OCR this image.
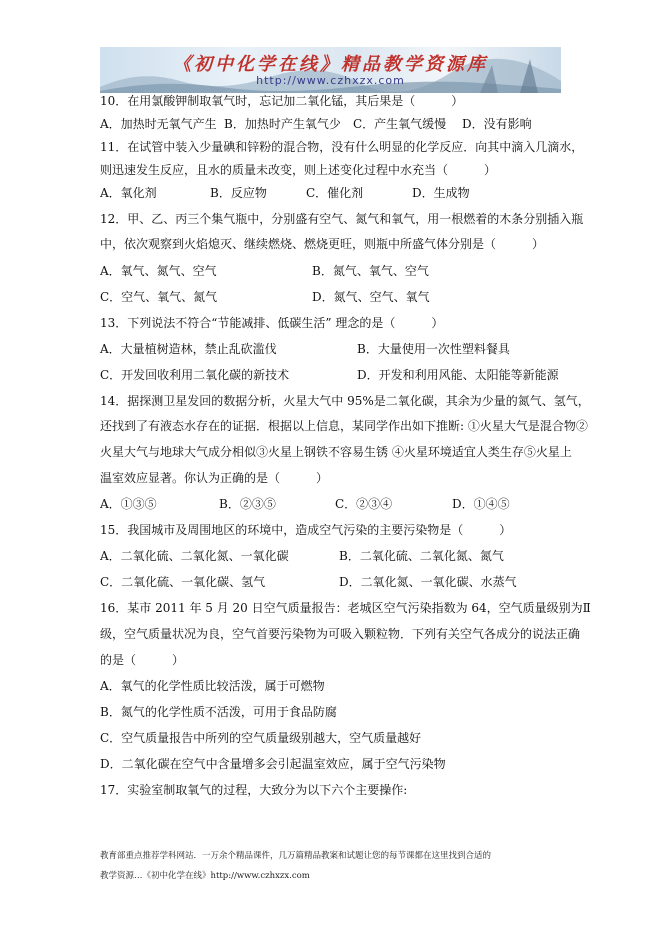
《初中化学在线》精品教学资源库
http://www.czhxzx.com
10．在用氯酸钾制取氧气时，忘记加二氧化锰，其后果是（　　　）
A．加热时无氧气产生 B．加热时产生氧气少 C．产生氧气缓慢 D．没有影响
11．在试管中装入少量碘和锌粉的混合物，没有什么明显的化学反应．向其中滴入几滴水，
则迅速发生反应，且水的质量未改变，则上述变化过程中水充当（　　　）
A．氧化剂	B．反应物	C．催化剂	D．生成物
12．甲、乙、丙三个集气瓶中，分别盛有空气、氮气和氧气，用一根燃着的木条分别插入瓶
中，依次观察到火焰熄灭、继续燃烧、燃烧更旺，则瓶中所盛气体分别是（　　　）
A．氧气、氮气、空气	B．氮气、氧气、空气
C．空气、氧气、氮气	D．氮气、空气、氧气
13．下列说法不符合“节能减排、低碳生活” 理念的是（　　　）
A．大量植树造林，禁止乱砍滥伐	B．大量使用一次性塑料餐具
C．开发回收利用二氧化碳的新技术	D．开发和利用风能、太阳能等新能源
14．据探测卫星发回的数据分析，火星大气中 95%是二氧化碳，其余为少量的氮气、氢气，
还找到了有液态水存在的证据．根据以上信息，某同学作出如下推断: ①火星大气是混合物②
火星大气与地球大气成分相似③火星上钢铁不容易生锈 ④火星环境适宜人类生存⑤火星上
温室效应显著。你认为正确的是（　　　）
A．①③⑤	B．②③⑤	C．②③④	D．①④⑤
15．我国城市及周围地区的环境中，造成空气污染的主要污染物是（　　　）
A．二氧化硫、二氧化氮、一氧化碳	B．二氧化硫、二氧化氮、氮气
C．二氧化硫、一氧化碳、氢气	D．二氧化氮、一氧化碳、水蒸气
16．某市 2011 年 5 月 20 日空气质量报告：老城区空气污染指数为 64，空气质量级别为Ⅱ
级，空气质量状况为良，空气首要污染物为可吸入颗粒物．下列有关空气各成分的说法正确
的是（　　　）
A．氧气的化学性质比较活泼，属于可燃物
B．氮气的化学性质不活泼，可用于食品防腐
C．空气质量报告中所列的空气质量级别越大，空气质量越好
D．二氧化碳在空气中含量增多会引起温室效应，属于空气污染物
17．实验室制取氧气的过程，大致分为以下六个主要操作:
教育部重点推荐学科网站．一万余个精品课件，几万篇精品教案和试题让您的每节课都在这里找到合适的
教学资源…《初中化学在线》http://www.czhxzx.com
